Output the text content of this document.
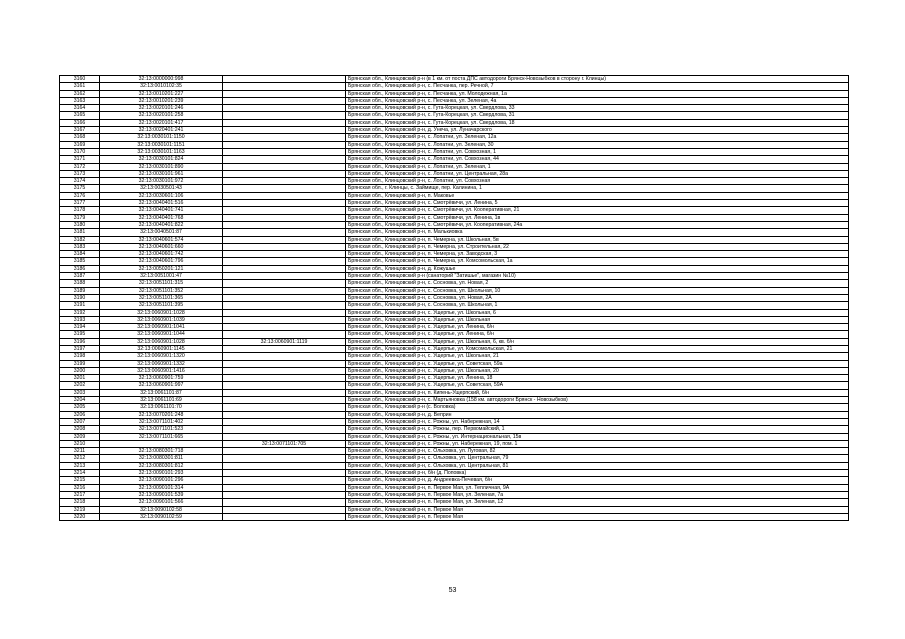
3160	32:13:0000000:998		Брянская обл., Клинцовский р-н (в 1 км. от поста ДПС автодороги Брянск-Новозыбков в сторону г. Клинцы)
3161	32:13:0010102:35		Брянская обл., Клинцовский р-н, с. Песчанка, пер. Речной, 7
3162	32:13:0010201:227		Брянская обл., Клинцовский р-н, с. Песчанка, ул. Молодежная, 1а
3163	32:13:0010201:239		Брянская обл., Клинцовский р-н, с. Песчанка, ул. Зеленая, 4а
3164	32:13:0020101:246		Брянская обл., Клинцовский р-н, с. Гута-Корецкая, ул. Свердлова, 33
3165	32:13:0020101:258		Брянская обл., Клинцовский р-н, с. Гута-Корецкая, ул. Свердлова, 31
3166	32:13:0020101:417		Брянская обл., Клинцовский р-н, с. Гута-Корецкая, ул. Свердлова, 18
3167	32:13:0020401:241		Брянская обл., Клинцовский р-н, д. Унеча, ул. Луначарского
3168	32:13:0030101:1150		Брянская обл., Клинцовский р-н, с. Лопатни, ул. Зеленая, 12а
3169	32:13:0030101:1151		Брянская обл., Клинцовский р-н, с. Лопатни, ул. Зеленая, 30
3170	32:13:0030101:1163		Брянская обл., Клинцовский р-н, с. Лопатни, ул. Совхозная, 1
3171	32:13:0030101:824		Брянская обл., Клинцовский р-н, с. Лопатни, ул. Совхозная, 44
3172	32:13:0030101:890		Брянская обл., Клинцовский р-н, с. Лопатни, ул. Зеленая, 1
3173	32:13:0030101:961		Брянская обл., Клинцовский р-н, с. Лопатни, ул. Центральная, 28а
3174	32:13:0030101:972		Брянская обл., Клинцовский р-н, с. Лопатни, ул. Совхозная
3175	32:13:0030501:43		Брянская обл., г. Клинцы, с. Займище, пер. Калинина, 1
3176	32:13:0030601:106		Брянская обл., Клинцовский р-н, п. Маковье
3177	32:13:0040401:516		Брянская обл., Клинцовский р-н, с. Смотрёвичи, ул. Ленина, 5
3178	32:13:0040401:741		Брянская обл., Клинцовский р-н, с. Смотрёвичи, ул. Кооперативная, 21
3179	32:13:0040401:768		Брянская обл., Клинцовский р-н, с. Смотрёвичи, ул. Ленина, 1в
3180	32:13:0040401:822		Брянская обл., Клинцовский р-н, с. Смотрёвичи, ул. Кооперативная, 24а
3181	32:13:0040501:87		Брянская обл., Клинцовский р-н, п. Малькиовка
3182	32:13:0040601:574		Брянская обл., Клинцовский р-н, п. Чемерна, ул. Школьная, 5в
3183	32:13:0040601:660		Брянская обл., Клинцовский р-н, п. Чемерна, ул. Строительная, 22
3184	32:13:0040601:742		Брянская обл., Клинцовский р-н, п. Чемерна, ул. Заводская, 3
3185	32:13:0040601:796		Брянская обл., Клинцовский р-н, п. Чемерна, ул. Комсомольская, 1а
3186	32:13:0050201:121		Брянская обл., Клинцовский р-н, д. Кожушье
3187	32:13:0051001:47		Брянская обл., Клинцовский р-н (санаторий "Затишье", магазин №10)
3188	32:13:0051101:315		Брянская обл., Клинцовский р-н, с. Сосновка, ул. Новая, 2
3189	32:13:0051101:352		Брянская обл., Клинцовский р-н, с. Сосновка, ул. Школьная, 10
3190	32:13:0051101:365		Брянская обл., Клинцовский р-н, с. Сосновка, ул. Новая, 2А
3191	32:13:0051101:395		Брянская обл., Клинцовский р-н, с. Сосновка, ул. Школьная, 1
3192	32:13:0060901:1028		Брянская обл., Клинцовский р-н, с. Ущерпье, ул. Школьная, 6
3193	32:13:0060901:1039		Брянская обл., Клинцовский р-н, с. Ущерпье, ул. Школьная
3194	32:13:0060901:1041		Брянская обл., Клинцовский р-н, с. Ущерпье, ул. Ленина, б/н
3195	32:13:0060901:1044		Брянская обл., Клинцовский р-н, с. Ущерпье, ул. Ленина, б/н
3196	32:13:0060901:1028	32:13:0060901:1119	Брянская обл., Клинцовский р-н, с. Ущерпье, ул. Школьная, 6, кв. б/н
3197	32:13:0060901:1145		Брянская обл., Клинцовский р-н, с. Ущерпье, ул. Комсомольская, 21
3198	32:13:0060901:1320		Брянская обл., Клинцовский р-н, с. Ущерпье, ул. Школьная, 21
3199	32:13:0060901:1332		Брянская обл., Клинцовский р-н, с. Ущерпье, ул. Советская, 59а
3200	32:13:0060901:1416		Брянская обл., Клинцовский р-н, с. Ущерпье, ул. Школьная, 20
3201	32:13:0060901:759		Брянская обл., Клинцовский р-н, с. Ущерпье, ул. Ленина, 18
3202	32:13:0060901:997		Брянская обл., Клинцовский р-н, с. Ущерпье, ул. Советская, 59А
3203	32:13:0061101:87		Брянская обл., Клинцовский р-н, п. Кипень-Ущерпский, б/н
3204	32:13:0061101:69		Брянская обл., Клинцовский р-н, с. Мартьяновка (158 км. автодороги Брянск - Новозыбков)
3205	32:13:0061101:70		Брянская обл., Клинцовский р-н (с. Воловка)
3206	32:13:0070201:248		Брянская обл., Клинцовский р-н, д. Веприн
3207	32:13:0071101:402		Брянская обл., Клинцовский р-н, с. Рожны, ул. Набережная, 14
3208	32:13:0071101:523		Брянская обл., Клинцовский р-н, с. Рожны, пер. Первомайский, 1
3209	32:13:0071101:665		Брянская обл., Клинцовский р-н, с. Рожны, ул. Интернациональная, 15в
3210		32:13:0071101:705	Брянская обл., Клинцовский р-н, с. Рожны, ул. Набережная, 19, пом. 1
3211	32:13:0080301:718		Брянская обл., Клинцовский р-н, с. Ольховка, ул. Луговая, 82
3212	32:13:0080301:811		Брянская обл., Клинцовский р-н, с. Ольховка, ул. Центральная, 79
3213	32:13:0080301:812		Брянская обл., Клинцовский р-н, с. Ольховка, ул. Центральная, 81
3214	32:13:0090101:293		Брянская обл., Клинцовский р-н, б/н (д. Поповка)
3215	32:13:0090101:296		Брянская обл., Клинцовский р-н, д. Андреевка-Печевая, б/н
3216	32:13:0090101:314		Брянская обл., Клинцовский р-н, п. Первое Мая, ул. Тепличная, 9А
3217	32:13:0090101:539		Брянская обл., Клинцовский р-н, п. Первое Мая, ул. Зеленая, 7а
3218	32:13:0090101:566		Брянская обл., Клинцовский р-н, п. Первое Мая, ул. Зеленая, 12
3219	32:13:0090102:58		Брянская обл., Клинцовский р-н, п. Первое Мая
3220	32:13:0090102:59		Брянская обл., Клинцовский р-н, п. Первое Мая
53
